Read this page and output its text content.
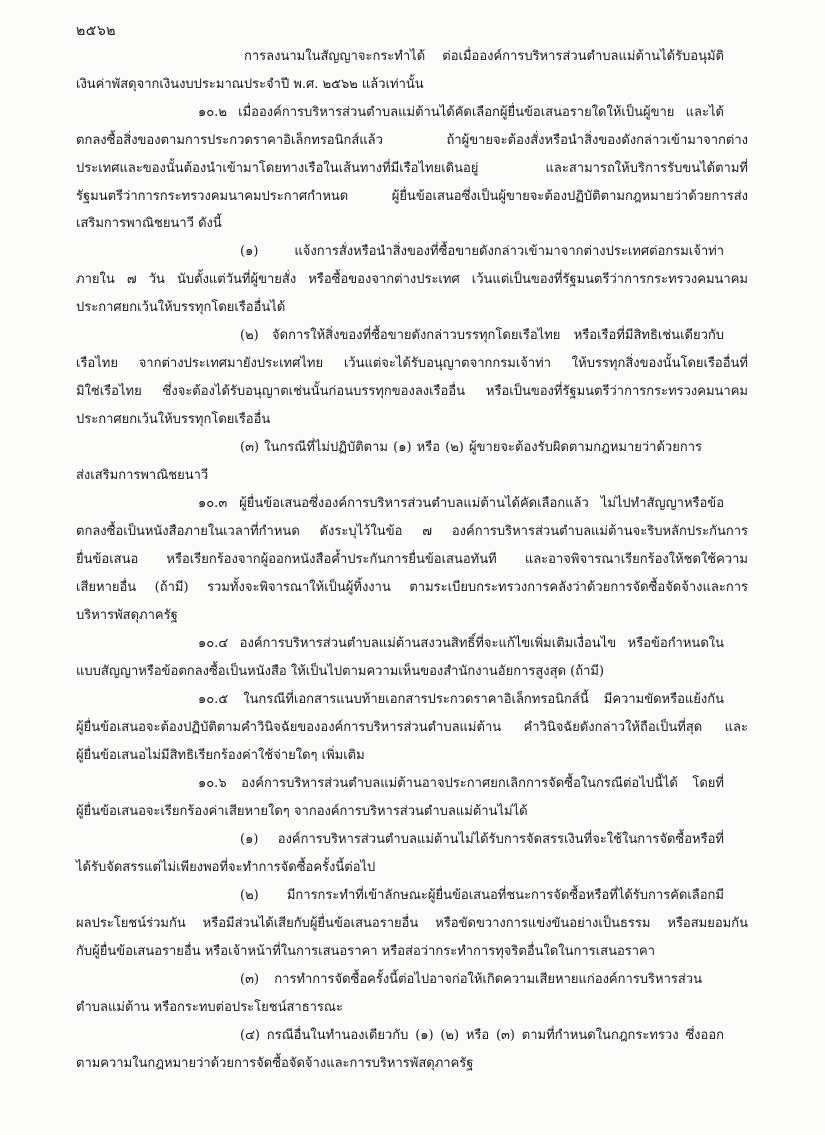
๒๕๖๒
การลงนามในสัญญาจะกระทำได้ ต่อเมื่อองค์การบริหารส่วนตำบลแม่ต้านได้รับอนุมัติ
เงินค่าพัสดุจากเงินงบประมาณประจำปี พ.ศ. ๒๕๖๒ แล้วเท่านั้น
๑๐.๒ เมื่อองค์การบริหารส่วนตำบลแม่ต้านได้คัดเลือกผู้ยื่นข้อเสนอรายใดให้เป็นผู้ขาย และได้
ตกลงซื้อสิ่งของตามการประกวดราคาอิเล็กทรอนิกส์แล้ว ถ้าผู้ขายจะต้องสั่งหรือนำสิ่งของดังกล่าวเข้ามาจากต่าง
ประเทศและของนั้นต้องนำเข้ามาโดยทางเรือในเส้นทางที่มีเรือไทยเดินอยู่ และสามารถให้บริการรับขนได้ตามที่
รัฐมนตรีว่าการกระทรวงคมนาคมประกาศกำหนด ผู้ยื่นข้อเสนอซึ่งเป็นผู้ขายจะต้องปฏิบัติตามกฎหมายว่าด้วยการส่ง
เสริมการพาณิชยนาวี ดังนี้
(๑) แจ้งการสั่งหรือนำสิ่งของที่ซื้อขายดังกล่าวเข้ามาจากต่างประเทศต่อกรมเจ้าท่า
ภายใน ๗ วัน นับตั้งแต่วันที่ผู้ขายสั่ง หรือซื้อของจากต่างประเทศ เว้นแต่เป็นของที่รัฐมนตรีว่าการกระทรวงคมนาคม
ประกาศยกเว้นให้บรรทุกโดยเรืออื่นได้
(๒) จัดการให้สิ่งของที่ซื้อขายดังกล่าวบรรทุกโดยเรือไทย หรือเรือที่มีสิทธิเช่นเดียวกับ
เรือไทย จากต่างประเทศมายังประเทศไทย เว้นแต่จะได้รับอนุญาตจากกรมเจ้าท่า ให้บรรทุกสิ่งของนั้นโดยเรืออื่นที่
มิใช่เรือไทย ซึ่งจะต้องได้รับอนุญาตเช่นนั้นก่อนบรรทุกของลงเรืออื่น หรือเป็นของที่รัฐมนตรีว่าการกระทรวงคมนาคม
ประกาศยกเว้นให้บรรทุกโดยเรืออื่น
(๓) ในกรณีที่ไม่ปฏิบัติตาม (๑) หรือ (๒) ผู้ขายจะต้องรับผิดตามกฎหมายว่าด้วยการ
ส่งเสริมการพาณิชยนาวี
๑๐.๓ ผู้ยื่นข้อเสนอซึ่งองค์การบริหารส่วนตำบลแม่ต้านได้คัดเลือกแล้ว ไม่ไปทำสัญญาหรือข้อ
ตกลงซื้อเป็นหนังสือภายในเวลาที่กำหนด ดังระบุไว้ในข้อ ๗ องค์การบริหารส่วนตำบลแม่ต้านจะริบหลักประกันการ
ยื่นข้อเสนอ หรือเรียกร้องจากผู้ออกหนังสือค้ำประกันการยื่นข้อเสนอทันที และอาจพิจารณาเรียกร้องให้ชดใช้ความ
เสียหายอื่น (ถ้ามี) รวมทั้งจะพิจารณาให้เป็นผู้ทิ้งงาน ตามระเบียบกระทรวงการคลังว่าด้วยการจัดซื้อจัดจ้างและการ
บริหารพัสดุภาครัฐ
๑๐.๔ องค์การบริหารส่วนตำบลแม่ต้านสงวนสิทธิ์ที่จะแก้ไขเพิ่มเติมเงื่อนไข หรือข้อกำหนดใน
แบบสัญญาหรือข้อตกลงซื้อเป็นหนังสือ ให้เป็นไปตามความเห็นของสำนักงานอัยการสูงสุด (ถ้ามี)
๑๐.๕ ในกรณีที่เอกสารแนบท้ายเอกสารประกวดราคาอิเล็กทรอนิกส์นี้ มีความขัดหรือแย้งกัน
ผู้ยื่นข้อเสนอจะต้องปฏิบัติตามคำวินิจฉัยขององค์การบริหารส่วนตำบลแม่ต้าน คำวินิจฉัยดังกล่าวให้ถือเป็นที่สุด และ
ผู้ยื่นข้อเสนอไม่มีสิทธิเรียกร้องค่าใช้จ่ายใดๆ เพิ่มเติม
๑๐.๖ องค์การบริหารส่วนตำบลแม่ต้านอาจประกาศยกเลิกการจัดซื้อในกรณีต่อไปนี้ได้ โดยที่
ผู้ยื่นข้อเสนอจะเรียกร้องค่าเสียหายใดๆ จากองค์การบริหารส่วนตำบลแม่ต้านไม่ได้
(๑) องค์การบริหารส่วนตำบลแม่ต้านไม่ได้รับการจัดสรรเงินที่จะใช้ในการจัดซื้อหรือที่
ได้รับจัดสรรแต่ไม่เพียงพอที่จะทำการจัดซื้อครั้งนี้ต่อไป
(๒) มีการกระทำที่เข้าลักษณะผู้ยื่นข้อเสนอที่ชนะการจัดซื้อหรือที่ได้รับการคัดเลือกมี
ผลประโยชน์ร่วมกัน หรือมีส่วนได้เสียกับผู้ยื่นข้อเสนอรายอื่น หรือขัดขวางการแข่งขันอย่างเป็นธรรม หรือสมยอมกัน
กับผู้ยื่นข้อเสนอรายอื่น หรือเจ้าหน้าที่ในการเสนอราคา หรือส่อว่ากระทำการทุจริตอื่นใดในการเสนอราคา
(๓) การทำการจัดซื้อครั้งนี้ต่อไปอาจก่อให้เกิดความเสียหายแก่องค์การบริหารส่วน
ตำบลแม่ต้าน หรือกระทบต่อประโยชน์สาธารณะ
(๔) กรณีอื่นในทำนองเดียวกับ (๑) (๒) หรือ (๓) ตามที่กำหนดในกฎกระทรวง ซึ่งออก
ตามความในกฎหมายว่าด้วยการจัดซื้อจัดจ้างและการบริหารพัสดุภาครัฐ
